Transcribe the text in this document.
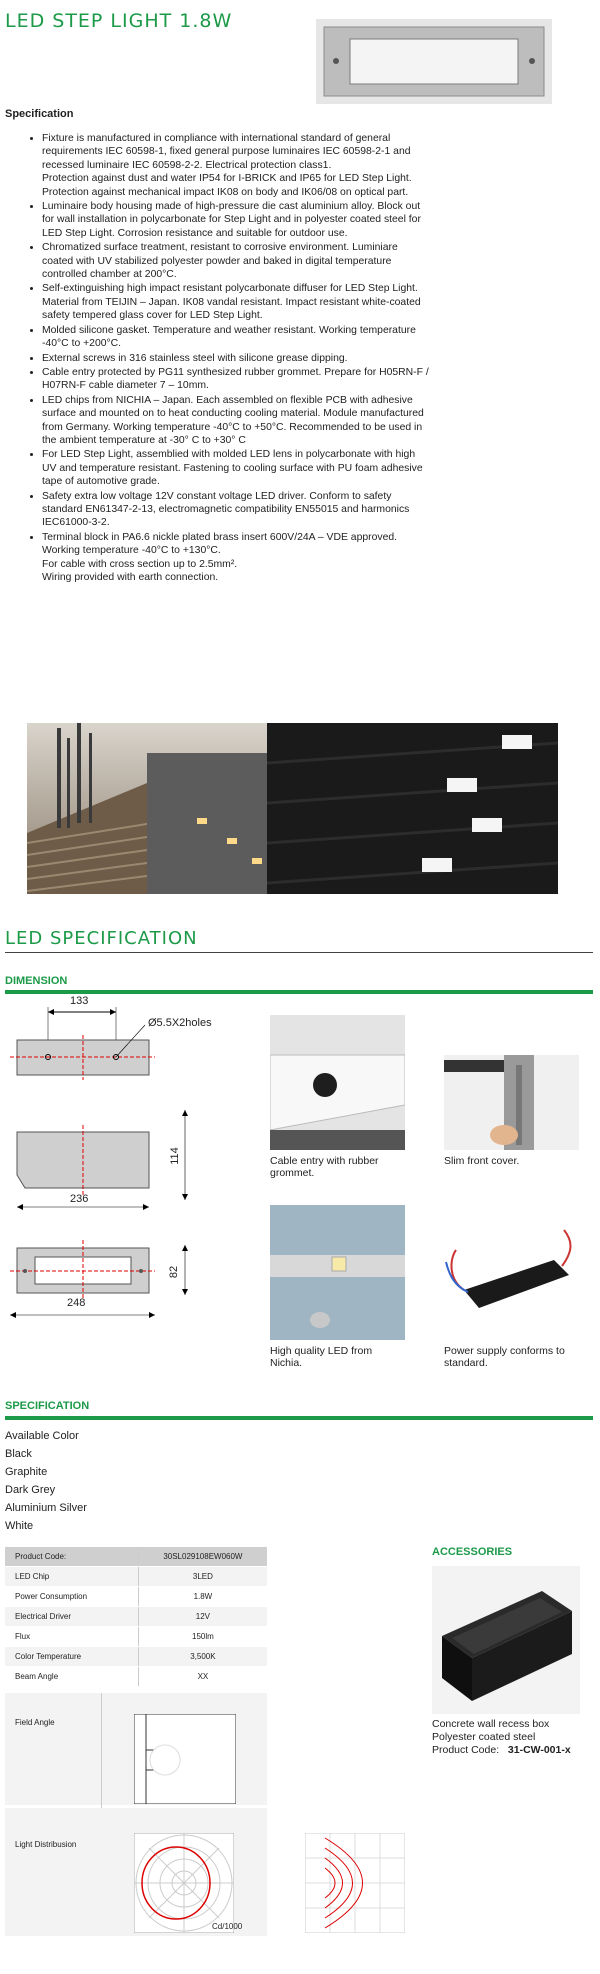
LED STEP LIGHT 1.8W
Specification
• Fixture is manufactured in compliance with international standard of general requirements IEC 60598-1, fixed general purpose luminaires IEC 60598-2-1 and recessed luminaire IEC 60598-2-2. Electrical protection class1.
Protection against dust and water IP54 for I-BRICK and IP65 for LED Step Light. Protection against mechanical impact IK08 on body and IK06/08 on optical part.
• Luminaire body housing made of high-pressure die cast aluminium alloy. Block out for wall installation in polycarbonate for Step Light and in polyester coated steel for LED Step Light. Corrosion resistance and suitable for outdoor use.
• Chromatized surface treatment, resistant to corrosive environment. Luminiare coated with UV stabilized polyester powder and baked in digital temperature controlled chamber at 200°C.
• Self-extinguishing high impact resistant polycarbonate diffuser for LED Step Light. Material from TEIJIN – Japan. IK08 vandal resistant. Impact resistant white-coated safety tempered glass cover for LED Step Light.
• Molded silicone gasket. Temperature and weather resistant. Working temperature -40°C to +200°C.
• External screws in 316 stainless steel with silicone grease dipping.
• Cable entry protected by PG11 synthesized rubber grommet. Prepare for H05RN-F / H07RN-F cable diameter 7 – 10mm.
• LED chips from NICHIA – Japan. Each assembled on flexible PCB with adhesive surface and mounted on to heat conducting cooling material. Module manufactured from Germany. Working temperature -40°C to +50°C. Recommended to be used in the ambient temperature at -30° C to +30° C
• For LED Step Light, assemblied with molded LED lens in polycarbonate with high UV and temperature resistant. Fastening to cooling surface with PU foam adhesive tape of automotive grade.
• Safety extra low voltage 12V constant voltage LED driver. Conform to safety standard EN61347-2-13, electromagnetic compatibility EN55015 and harmonics IEC61000-3-2.
• Terminal block in PA6.6 nickle plated brass insert 600V/24A – VDE approved. Working temperature -40°C to +130°C.
For cable with cross section up to 2.5mm².
Wiring provided with earth connection.
LED SPECIFICATION
DIMENSION
133
Ø5.5X2holes
114
236
82
248
Cable entry with rubber grommet.
Slim front cover.
High quality LED from Nichia.
Power supply conforms to standard.
SPECIFICATION
Available Color
Black
Graphite
Dark Grey
Aluminium Silver
White
Product Code:	30SL029108EW060W
LED Chip	3LED
Power Consumption	1.8W
Electrical Driver	12V
Flux	150lm
Color Temperature	3,500K
Beam Angle	XX
Field Angle
Light Distribusion
Cd/1000
ACCESSORIES
Concrete wall recess box
Polyester coated steel
Product Code: 31-CW-001-x
